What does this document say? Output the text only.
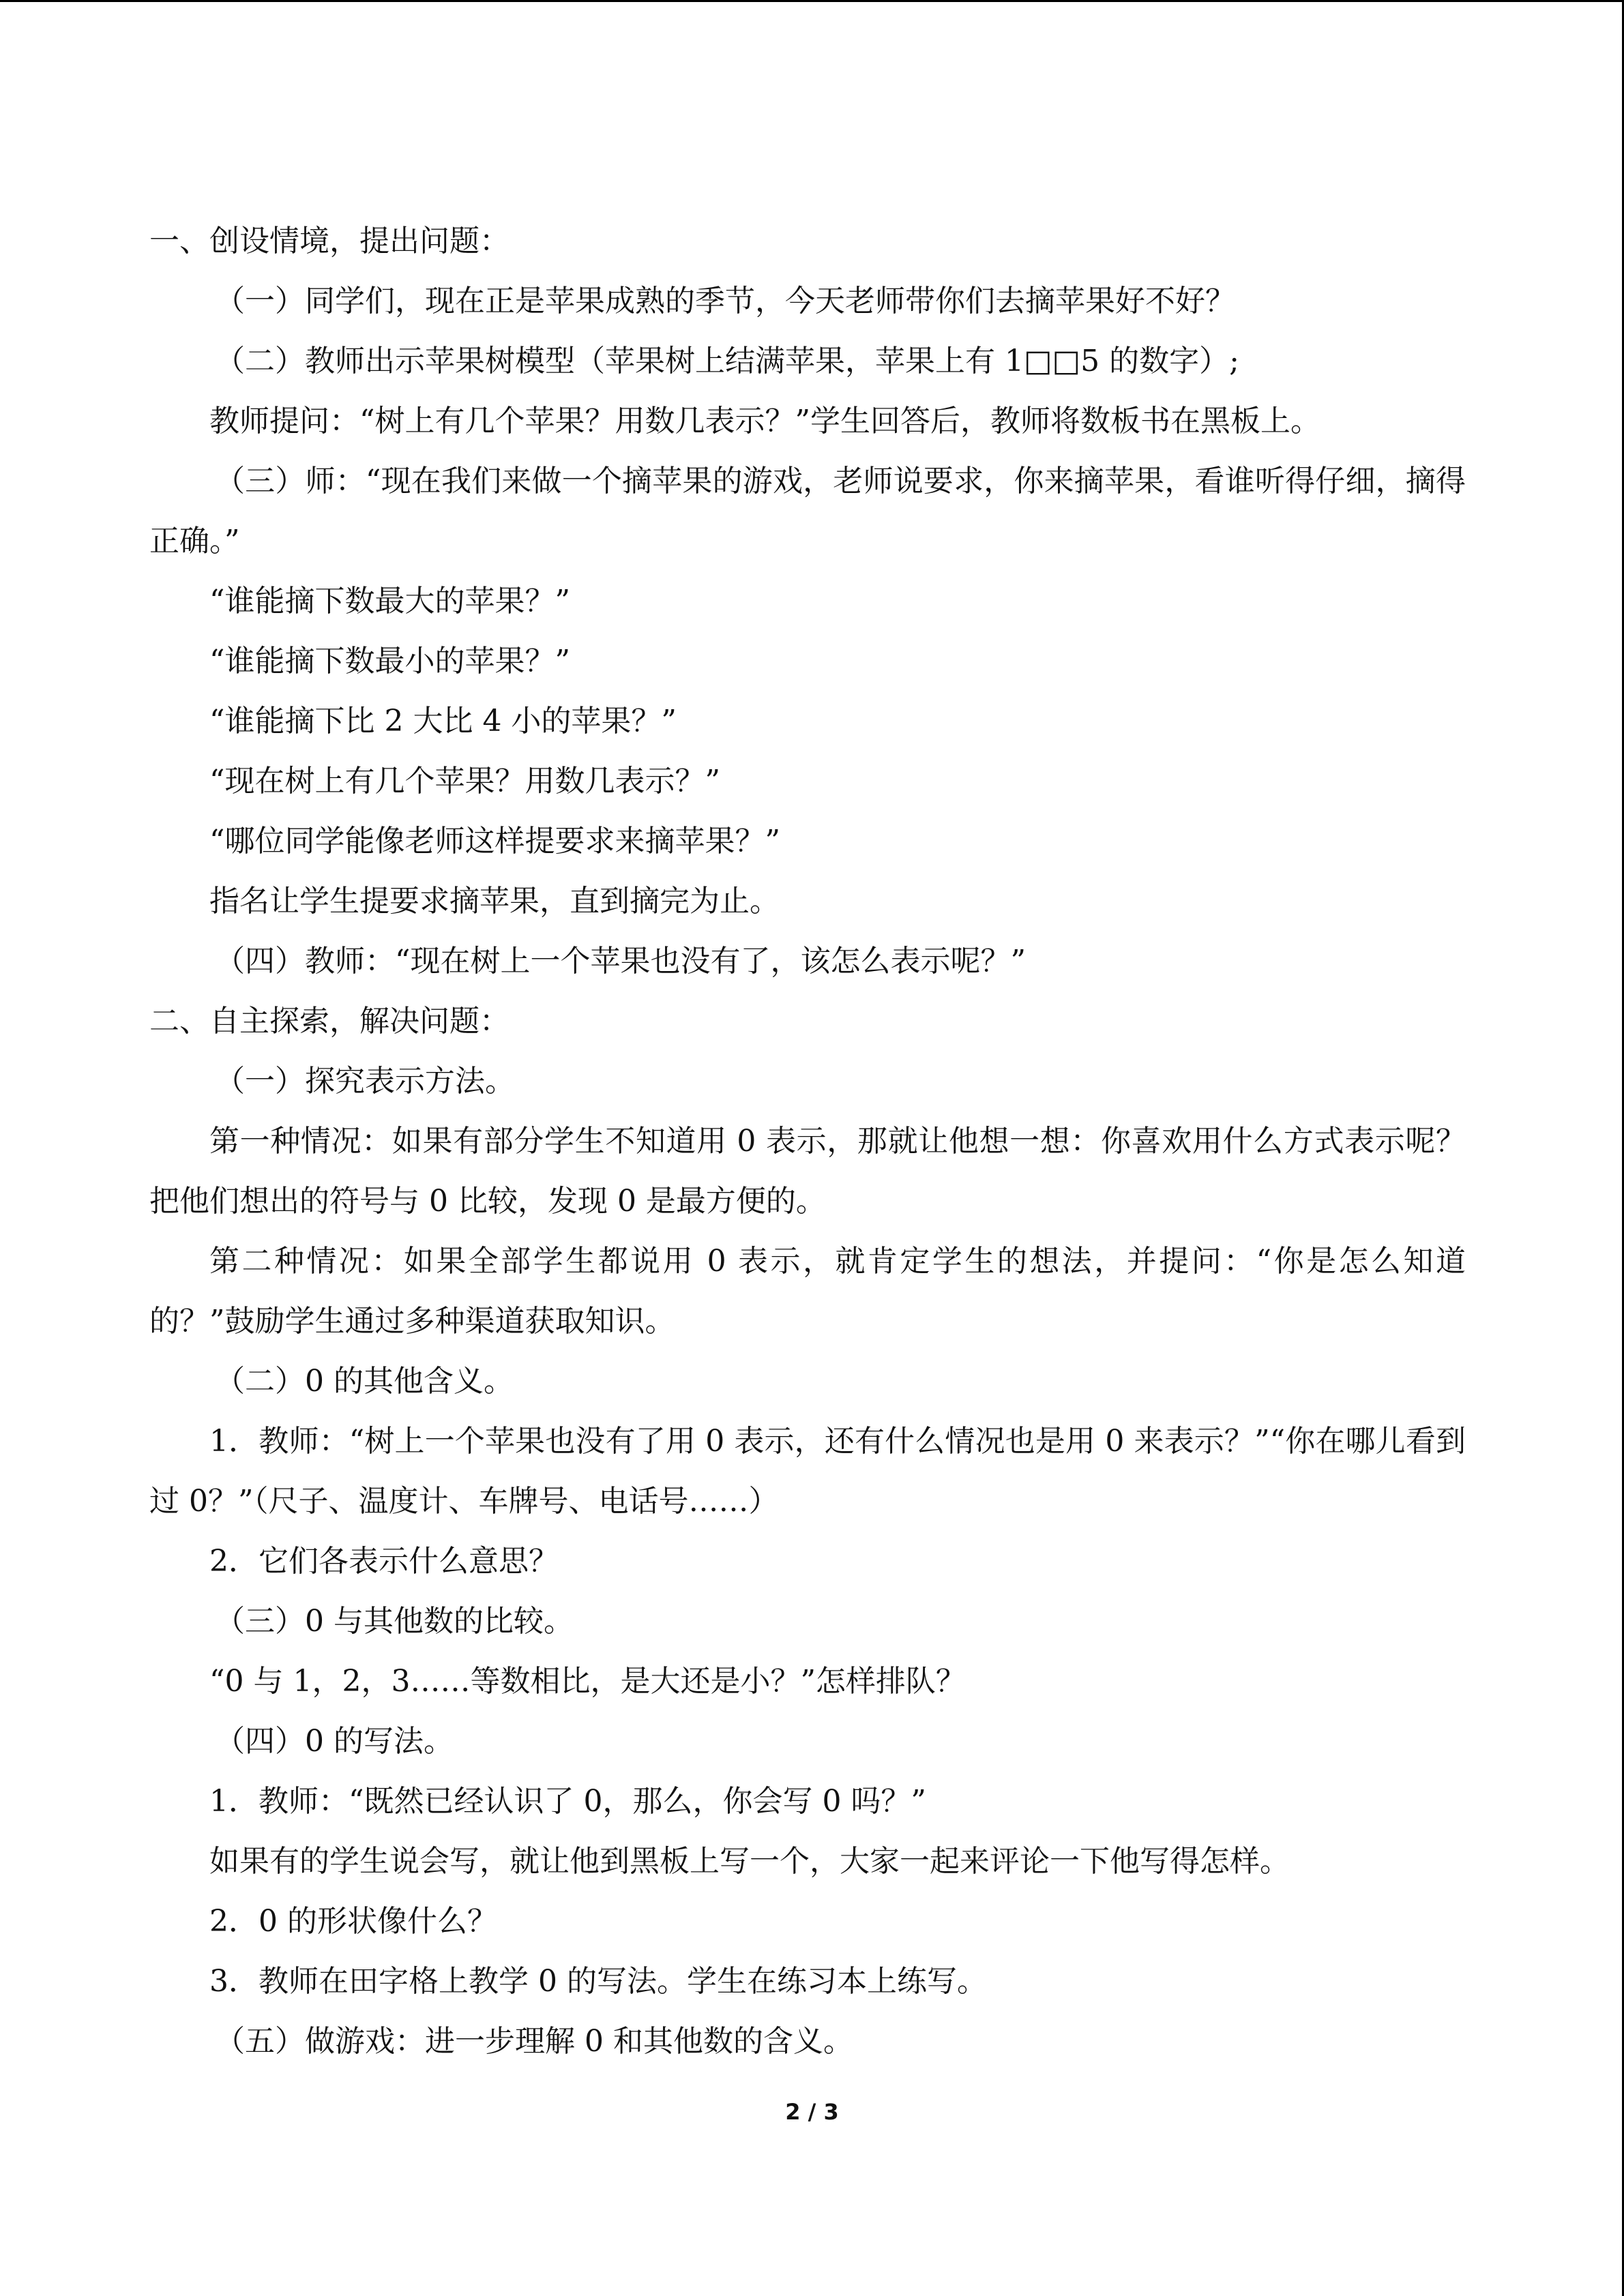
一、创设情境，提出问题：
（一）同学们，现在正是苹果成熟的季节，今天老师带你们去摘苹果好不好？
（二）教师出示苹果树模型（苹果树上结满苹果，苹果上有 1□□5 的数字）;
教师提问：“树上有几个苹果？用数几表示？”学生回答后，教师将数板书在黑板上。
（三）师：“现在我们来做一个摘苹果的游戏，老师说要求，你来摘苹果，看谁听得仔细，摘得正确。”
“谁能摘下数最大的苹果？”
“谁能摘下数最小的苹果？”
“谁能摘下比 2 大比 4 小的苹果？”
“现在树上有几个苹果？用数几表示？”
“哪位同学能像老师这样提要求来摘苹果？”
指名让学生提要求摘苹果，直到摘完为止。
（四）教师：“现在树上一个苹果也没有了，该怎么表示呢？”
二、自主探索，解决问题：
（一）探究表示方法。
第一种情况：如果有部分学生不知道用 0 表示，那就让他想一想：你喜欢用什么方式表示呢？把他们想出的符号与 0 比较，发现 0 是最方便的。
第二种情况：如果全部学生都说用 0 表示，就肯定学生的想法，并提问：“你是怎么知道的？”鼓励学生通过多种渠道获取知识。
（二）0 的其他含义。
1．教师：“树上一个苹果也没有了用 0 表示，还有什么情况也是用 0 来表示？”“你在哪儿看到过 0？”（尺子、温度计、车牌号、电话号……）
2．它们各表示什么意思？
（三）0 与其他数的比较。
“0 与 1，2，3……等数相比，是大还是小？”怎样排队？
（四）0 的写法。
1．教师：“既然已经认识了 0，那么，你会写 0 吗？”
如果有的学生说会写，就让他到黑板上写一个，大家一起来评论一下他写得怎样。
2．0 的形状像什么？
3．教师在田字格上教学 0 的写法。学生在练习本上练写。
（五）做游戏：进一步理解 0 和其他数的含义。
2 / 3
